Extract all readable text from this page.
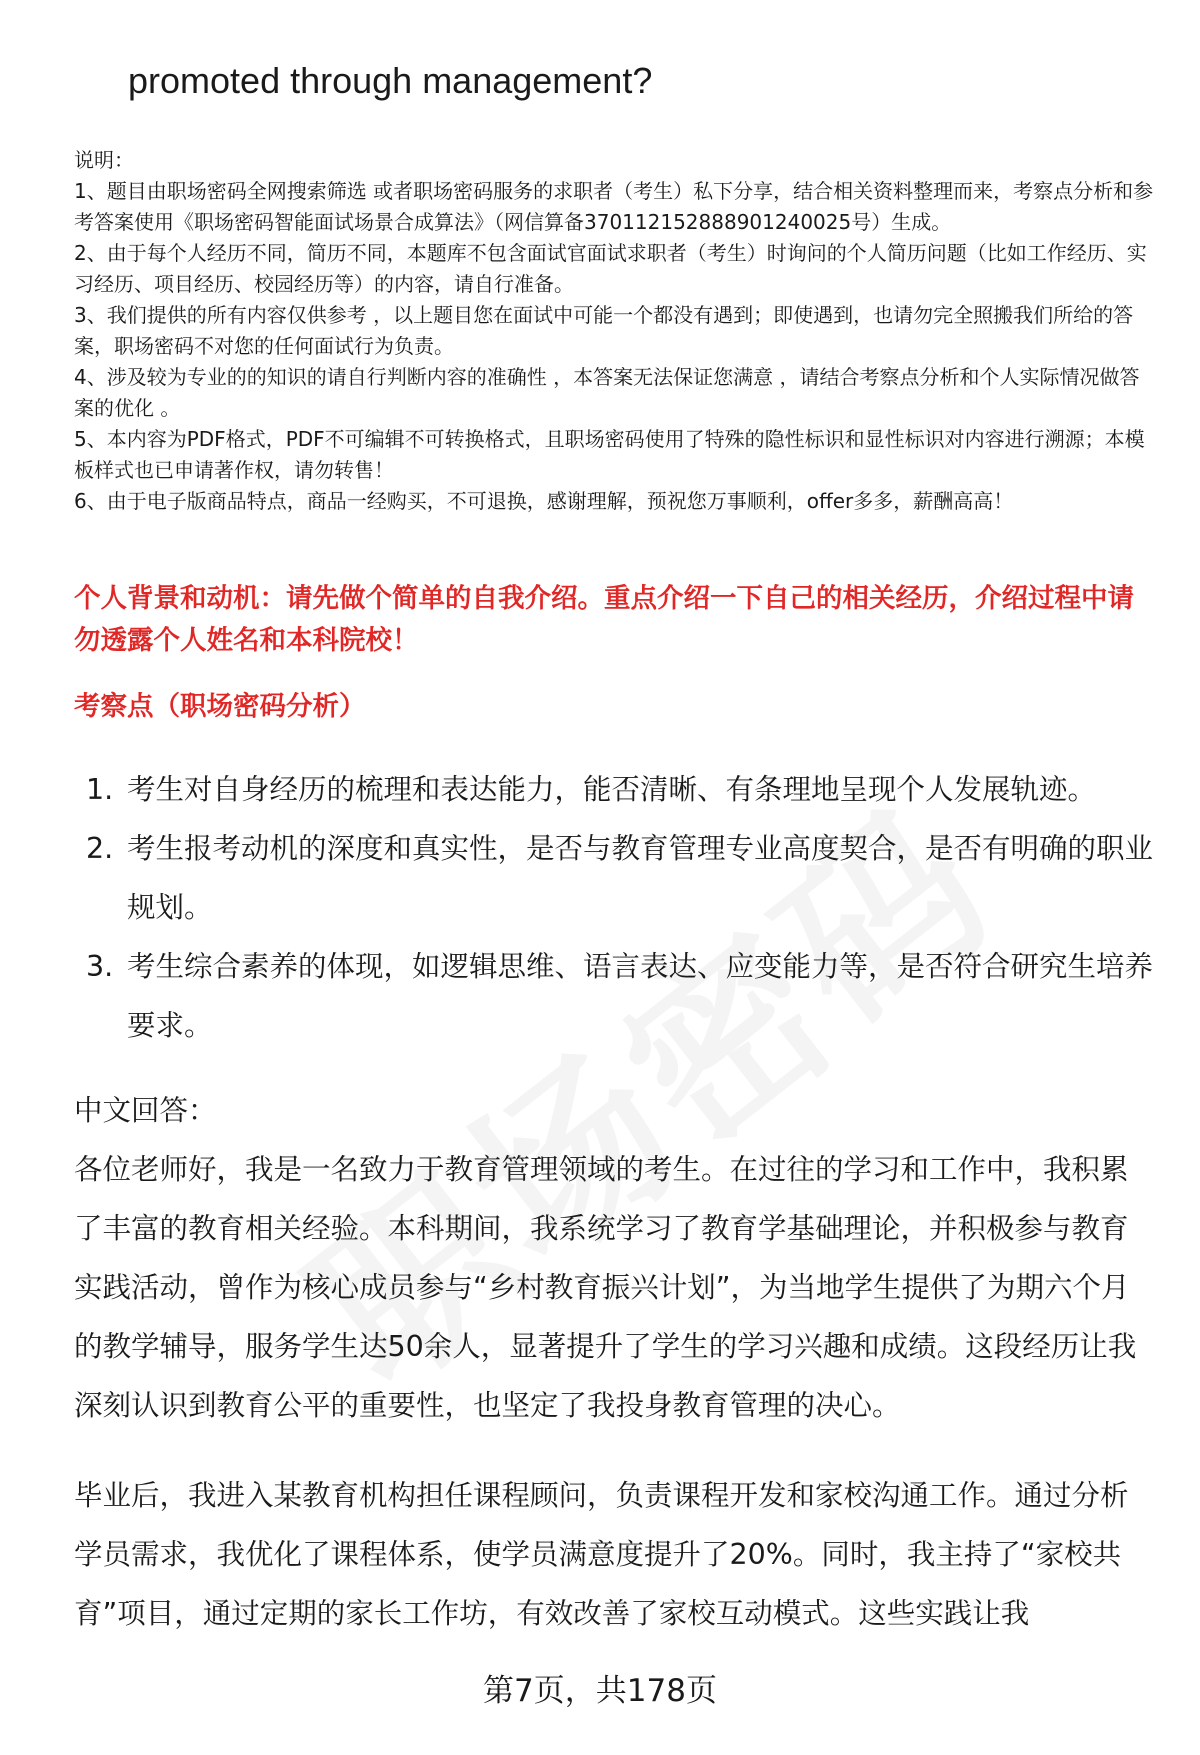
promoted through management?

说明：

1、题目由职场密码全网搜索筛选 或者职场密码服务的求职者（考生）私下分享，结合相关资料整理而来，考察点分析和参考答案使用《职场密码智能面试场景合成算法》（网信算备370112152888901240025号）生成。

2、由于每个人经历不同，简历不同，本题库不包含面试官面试求职者（考生）时询问的个人简历问题（比如工作经历、实习经历、项目经历、校园经历等）的内容，请自行准备。

3、我们提供的所有内容仅供参考 ，以上题目您在面试中可能一个都没有遇到；即使遇到，也请勿完全照搬我们所给的答案，职场密码不对您的任何面试行为负责。

4、涉及较为专业的的知识的请自行判断内容的准确性 ，本答案无法保证您满意 ，请结合考察点分析和个人实际情况做答案的优化 。

5、本内容为PDF格式，PDF不可编辑不可转换格式，且职场密码使用了特殊的隐性标识和显性标识对内容进行溯源；本模板样式也已申请著作权，请勿转售！

6、由于电子版商品特点，商品一经购买，不可退换，感谢理解，预祝您万事顺利，offer多多，薪酬高高！

个人背景和动机：请先做个简单的自我介绍。重点介绍一下自己的相关经历，介绍过程中请勿透露个人姓名和本科院校！
考察点（职场密码分析）
1. 考生对自身经历的梳理和表达能力，能否清晰、有条理地呈现个人发展轨迹。
2. 考生报考动机的深度和真实性，是否与教育管理专业高度契合，是否有明确的职业规划。
3. 考生综合素养的体现，如逻辑思维、语言表达、应变能力等，是否符合研究生培养要求。
中文回答：

各位老师好，我是一名致力于教育管理领域的考生。在过往的学习和工作中，我积累了丰富的教育相关经验。本科期间，我系统学习了教育学基础理论，并积极参与教育实践活动，曾作为核心成员参与“乡村教育振兴计划”，为当地学生提供了为期六个月的教学辅导，服务学生达50余人，显著提升了学生的学习兴趣和成绩。这段经历让我深刻认识到教育公平的重要性，也坚定了我投身教育管理的决心。

毕业后，我进入某教育机构担任课程顾问，负责课程开发和家校沟通工作。通过分析学员需求，我优化了课程体系，使学员满意度提升了20%。同时，我主持了“家校共育”项目，通过定期的家长工作坊，有效改善了家校互动模式。这些实践让我

第7页，共178页
